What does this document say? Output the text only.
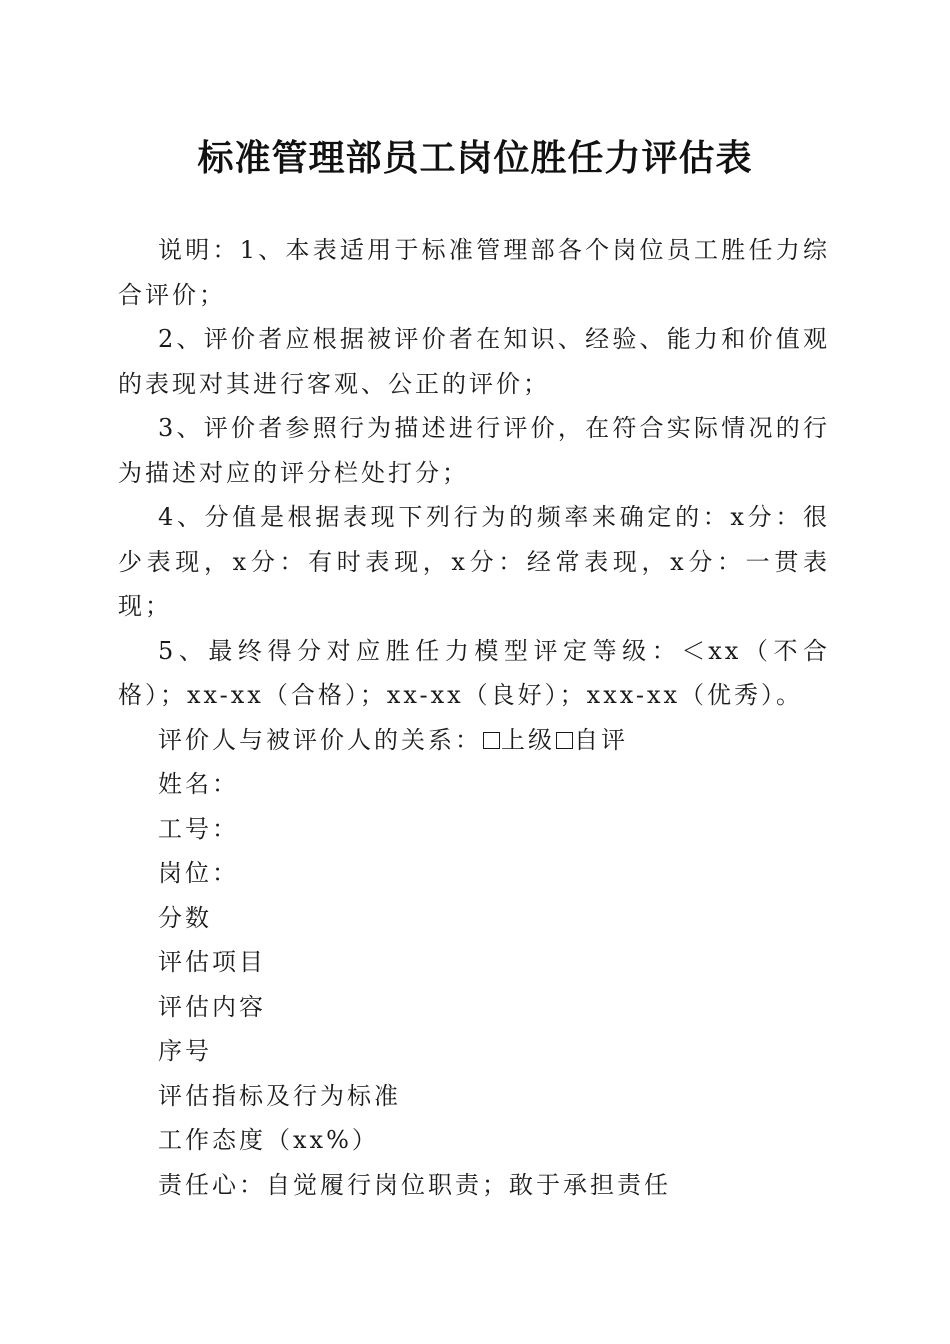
标准管理部员工岗位胜任力评估表

说明：1、本表适用于标准管理部各个岗位员工胜任力综合评价；

2、评价者应根据被评价者在知识、经验、能力和价值观的表现对其进行客观、公正的评价；

3、评价者参照行为描述进行评价，在符合实际情况的行为描述对应的评分栏处打分；

4、分值是根据表现下列行为的频率来确定的：x分：很少表现，x分：有时表现，x分：经常表现，x分：一贯表现；

5、最终得分对应胜任力模型评定等级：＜xx（不合格）；xx-xx（合格）；xx-xx（良好）；xxx-xx（优秀）。

评价人与被评价人的关系： 上级 自评
姓名：
工号：
岗位：
分数
评估项目
评估内容
序号
评估指标及行为标准
工作态度（xx%）
责任心：自觉履行岗位职责；敢于承担责任
